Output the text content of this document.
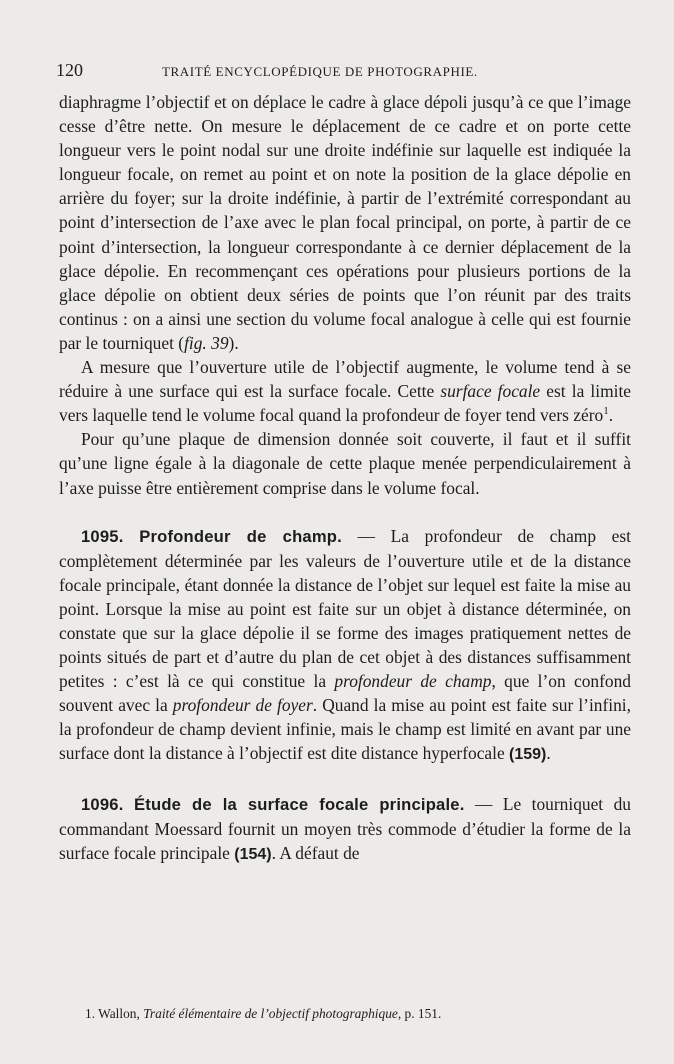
120	TRAITÉ ENCYCLOPÉDIQUE DE PHOTOGRAPHIE.

diaphragme l’objectif et on déplace le cadre à glace dépoli jusqu’à ce que l’image cesse d’être nette. On mesure le déplacement de ce cadre et on porte cette longueur vers le point nodal sur une droite indéfinie sur laquelle est indiquée la longueur focale, on remet au point et on note la position de la glace dépolie en arrière du foyer; sur la droite indéfinie, à partir de l’extrémité correspondant au point d’intersection de l’axe avec le plan focal principal, on porte, à partir de ce point d’intersection, la longueur correspondante à ce dernier déplacement de la glace dépolie. En recommençant ces opérations pour plusieurs portions de la glace dépolie on obtient deux séries de points que l’on réunit par des traits continus : on a ainsi une section du volume focal analogue à celle qui est fournie par le tourniquet (fig. 39).

A mesure que l’ouverture utile de l’objectif augmente, le volume tend à se réduire à une surface qui est la surface focale. Cette surface focale est la limite vers laquelle tend le volume focal quand la profondeur de foyer tend vers zéro$^1$.

Pour qu’une plaque de dimension donnée soit couverte, il faut et il suffit qu’une ligne égale à la diagonale de cette plaque menée perpendiculairement à l’axe puisse être entièrement comprise dans le volume focal.

1095. Profondeur de champ. — La profondeur de champ est complètement déterminée par les valeurs de l’ouverture utile et de la distance focale principale, étant donnée la distance de l’objet sur lequel est faite la mise au point. Lorsque la mise au point est faite sur un objet à distance déterminée, on constate que sur la glace dépolie il se forme des images pratiquement nettes de points situés de part et d’autre du plan de cet objet à des distances suffisamment petites : c’est là ce qui constitue la profondeur de champ, que l’on confond souvent avec la profondeur de foyer. Quand la mise au point est faite sur l’infini, la profondeur de champ devient infinie, mais le champ est limité en avant par une surface dont la distance à l’objectif est dite distance hyperfocale (159).

1096. Étude de la surface focale principale. — Le tourniquet du commandant Moessard fournit un moyen très commode d’étudier la forme de la surface focale principale (154). A défaut de

1. Wallon, Traité élémentaire de l’objectif photographique, p. 151.
